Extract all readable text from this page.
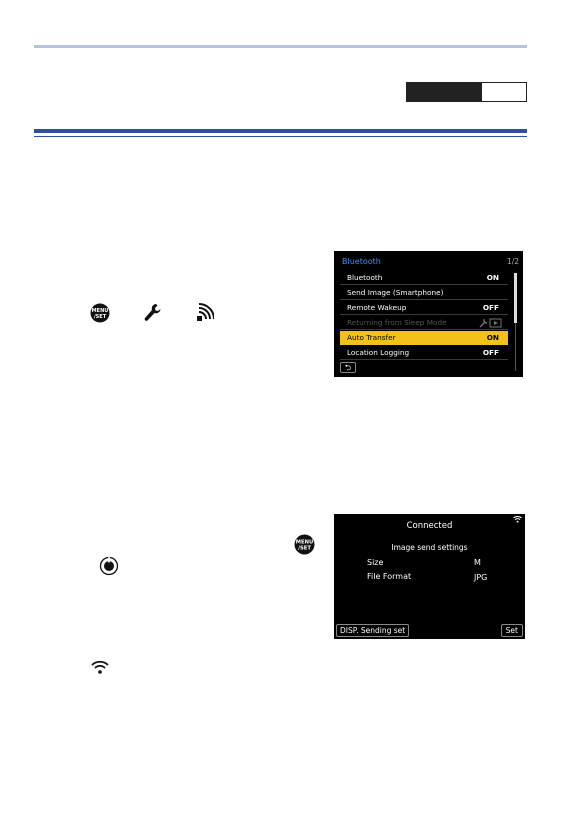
MENU
/SET
Bluetooth	1/2
Bluetooth	ON
Send Image (Smartphone)
Remote Wakeup	OFF
Returning from Sleep Mode
Auto Transfer	ON
Location Logging	OFF
⮌
MENU
/SET
Connected
Image send settings
Size	M
File Format	JPG
DISP. Sending set	Set
